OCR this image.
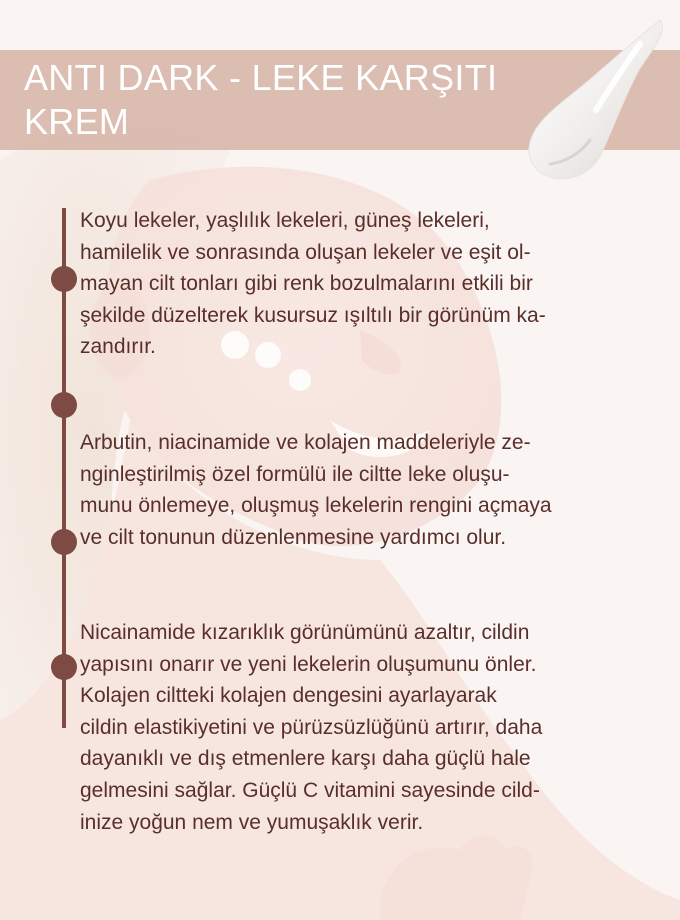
ANTI DARK - LEKE KARŞITI
KREM

Koyu lekeler, yaşlılık lekeleri, güneş lekeleri,
hamilelik ve sonrasında oluşan lekeler ve eşit ol-
mayan cilt tonları gibi renk bozulmalarını etkili bir
şekilde düzelterek kusursuz ışıltılı bir görünüm ka-
zandırır.

Arbutin, niacinamide ve kolajen maddeleriyle ze-
nginleştirilmiş özel formülü ile ciltte leke oluşu-
munu önlemeye, oluşmuş lekelerin rengini açmaya
ve cilt tonunun düzenlenmesine yardımcı olur.

Nicainamide kızarıklık görünümünü azaltır, cildin
yapısını onarır ve yeni lekelerin oluşumunu önler.
Kolajen ciltteki kolajen dengesini ayarlayarak
cildin elastikiyetini ve pürüzsüzlüğünü artırır, daha
dayanıklı ve dış etmenlere karşı daha güçlü hale
gelmesini sağlar. Güçlü C vitamini sayesinde cild-
inize yoğun nem ve yumuşaklık verir.
